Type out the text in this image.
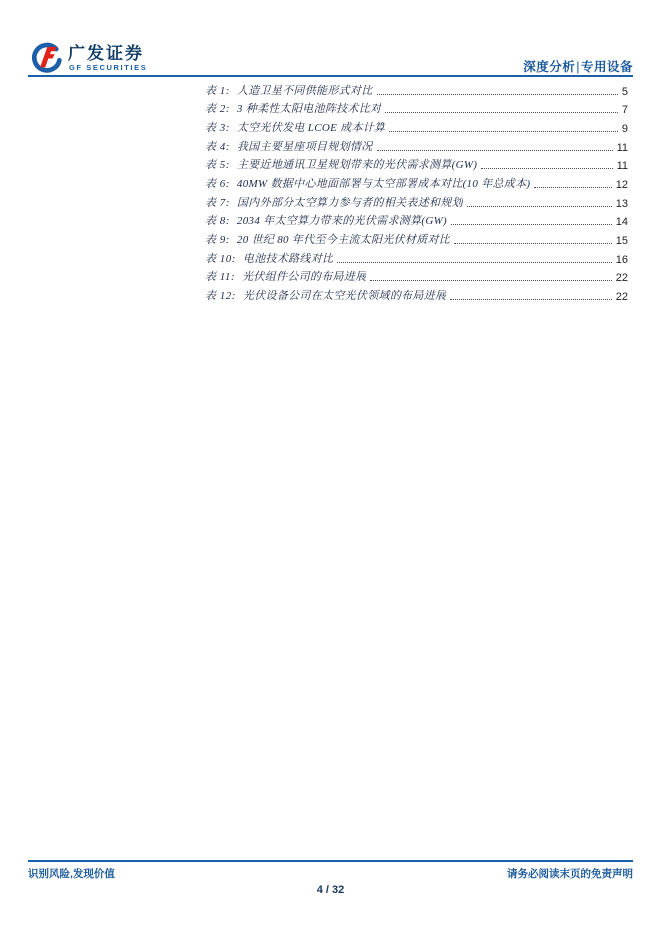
广发证券
GF SECURITIES	深度分析|专用设备
表 1: 人造卫星不同供能形式对比	5
表 2: 3 种柔性太阳电池阵技术比对	7
表 3: 太空光伏发电 LCOE 成本计算	9
表 4: 我国主要星座项目规划情况	11
表 5: 主要近地通讯卫星规划带来的光伏需求测算(GW)	11
表 6: 40MW 数据中心地面部署与太空部署成本对比(10 年总成本)	12
表 7: 国内外部分太空算力参与者的相关表述和规划	13
表 8: 2034 年太空算力带来的光伏需求测算(GW)	14
表 9: 20 世纪 80 年代至今主流太阳光伏材质对比	15
表 10: 电池技术路线对比	16
表 11: 光伏组件公司的布局进展	22
表 12: 光伏设备公司在太空光伏领域的布局进展	22
识别风险,发现价值	请务必阅读末页的免责声明
4 / 32
